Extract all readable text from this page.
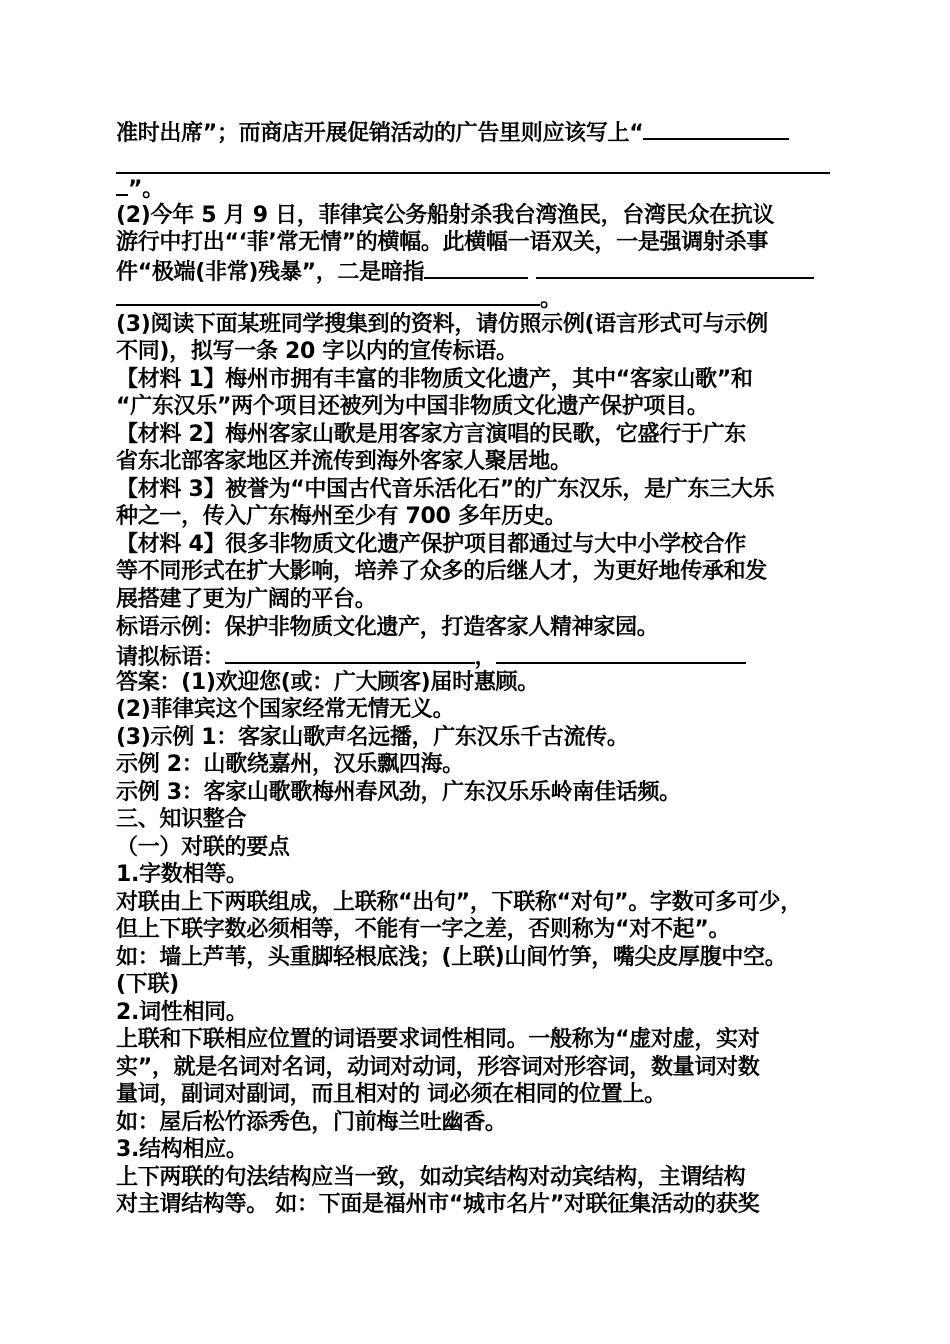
准时出席”；而商店开展促销活动的广告里则应该写上“
”。
(2)今年 5 月 9 日，菲律宾公务船射杀我台湾渔民，台湾民众在抗议
游行中打出“‘菲’常无情”的横幅。此横幅一语双关，一是强调射杀事
件“极端(非常)残暴”，二是暗指
。
(3)阅读下面某班同学搜集到的资料，请仿照示例(语言形式可与示例
不同)，拟写一条 20 字以内的宣传标语。
【材料 1】梅州市拥有丰富的非物质文化遗产，其中“客家山歌”和
“广东汉乐”两个项目还被列为中国非物质文化遗产保护项目。
【材料 2】梅州客家山歌是用客家方言演唱的民歌，它盛行于广东
省东北部客家地区并流传到海外客家人聚居地。
【材料 3】被誉为“中国古代音乐活化石”的广东汉乐，是广东三大乐
种之一，传入广东梅州至少有 700 多年历史。
【材料 4】很多非物质文化遗产保护项目都通过与大中小学校合作
等不同形式在扩大影响，培养了众多的后继人才，为更好地传承和发
展搭建了更为广阔的平台。
标语示例：保护非物质文化遗产，打造客家人精神家园。
请拟标语：	，
答案：(1)欢迎您(或：广大顾客)届时惠顾。
(2)菲律宾这个国家经常无情无义。
(3)示例 1：客家山歌声名远播，广东汉乐千古流传。
示例 2：山歌绕嘉州，汉乐飘四海。
示例 3：客家山歌歌梅州春风劲，广东汉乐乐岭南佳话频。
三、知识整合
（一）对联的要点
1.字数相等。
对联由上下两联组成，上联称“出句”，下联称“对句”。字数可多可少，
但上下联字数必须相等，不能有一字之差，否则称为“对不起”。
如：墙上芦苇，头重脚轻根底浅；(上联)山间竹笋，嘴尖皮厚腹中空。
(下联)
2.词性相同。
上联和下联相应位置的词语要求词性相同。一般称为“虚对虚，实对
实”，就是名词对名词，动词对动词，形容词对形容词，数量词对数
量词，副词对副词，而且相对的 词必须在相同的位置上。
如：屋后松竹添秀色，门前梅兰吐幽香。
3.结构相应。
上下两联的句法结构应当一致，如动宾结构对动宾结构，主谓结构
对主谓结构等。 如：下面是福州市“城市名片”对联征集活动的获奖
